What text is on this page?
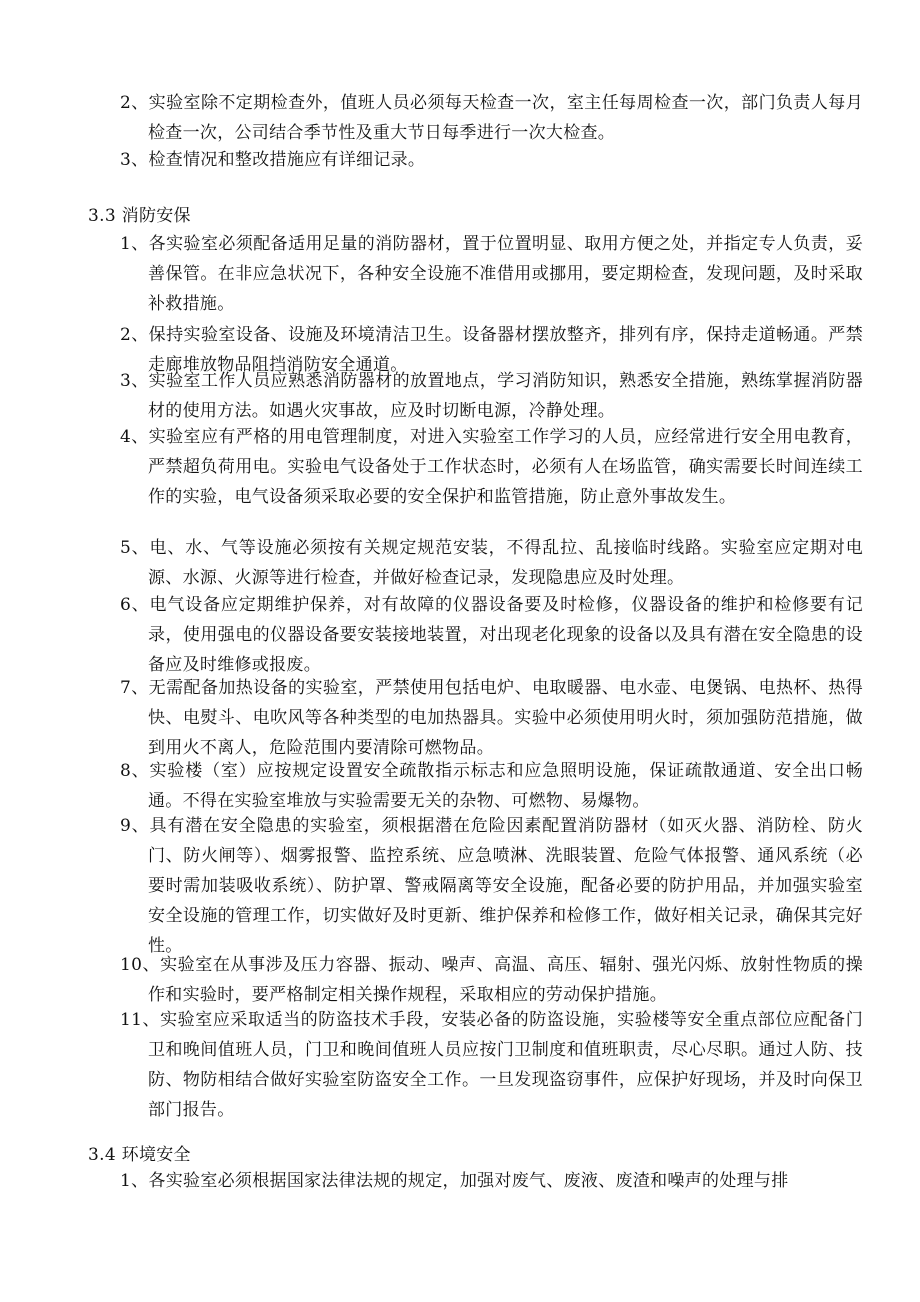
2、实验室除不定期检查外，值班人员必须每天检查一次，室主任每周检查一次，部门负责人每月检查一次，公司结合季节性及重大节日每季进行一次大检查。

3、检查情况和整改措施应有详细记录。

3.3 消防安保

1、各实验室必须配备适用足量的消防器材，置于位置明显、取用方便之处，并指定专人负责，妥善保管。在非应急状况下，各种安全设施不准借用或挪用，要定期检查，发现问题，及时采取补救措施。

2、保持实验室设备、设施及环境清洁卫生。设备器材摆放整齐，排列有序，保持走道畅通。严禁走廊堆放物品阻挡消防安全通道。

3、实验室工作人员应熟悉消防器材的放置地点，学习消防知识，熟悉安全措施，熟练掌握消防器材的使用方法。如遇火灾事故，应及时切断电源，冷静处理。

4、实验室应有严格的用电管理制度，对进入实验室工作学习的人员，应经常进行安全用电教育，严禁超负荷用电。实验电气设备处于工作状态时，必须有人在场监管，确实需要长时间连续工作的实验，电气设备须采取必要的安全保护和监管措施，防止意外事故发生。

5、电、水、气等设施必须按有关规定规范安装，不得乱拉、乱接临时线路。实验室应定期对电源、水源、火源等进行检查，并做好检查记录，发现隐患应及时处理。

6、电气设备应定期维护保养，对有故障的仪器设备要及时检修，仪器设备的维护和检修要有记录，使用强电的仪器设备要安装接地装置，对出现老化现象的设备以及具有潜在安全隐患的设备应及时维修或报废。

7、无需配备加热设备的实验室，严禁使用包括电炉、电取暖器、电水壶、电煲锅、电热杯、热得快、电熨斗、电吹风等各种类型的电加热器具。实验中必须使用明火时，须加强防范措施，做到用火不离人，危险范围内要清除可燃物品。

8、实验楼（室）应按规定设置安全疏散指示标志和应急照明设施，保证疏散通道、安全出口畅通。不得在实验室堆放与实验需要无关的杂物、可燃物、易爆物。

9、具有潜在安全隐患的实验室，须根据潜在危险因素配置消防器材（如灭火器、消防栓、防火门、防火闸等）、烟雾报警、监控系统、应急喷淋、洗眼装置、危险气体报警、通风系统（必要时需加装吸收系统）、防护罩、警戒隔离等安全设施，配备必要的防护用品，并加强实验室安全设施的管理工作，切实做好及时更新、维护保养和检修工作，做好相关记录，确保其完好性。

10、实验室在从事涉及压力容器、振动、噪声、高温、高压、辐射、强光闪烁、放射性物质的操作和实验时，要严格制定相关操作规程，采取相应的劳动保护措施。

11、实验室应采取适当的防盗技术手段，安装必备的防盗设施，实验楼等安全重点部位应配备门卫和晚间值班人员，门卫和晚间值班人员应按门卫制度和值班职责，尽心尽职。通过人防、技防、物防相结合做好实验室防盗安全工作。一旦发现盗窃事件，应保护好现场，并及时向保卫部门报告。

3.4 环境安全

1、各实验室必须根据国家法律法规的规定，加强对废气、废液、废渣和噪声的处理与排
